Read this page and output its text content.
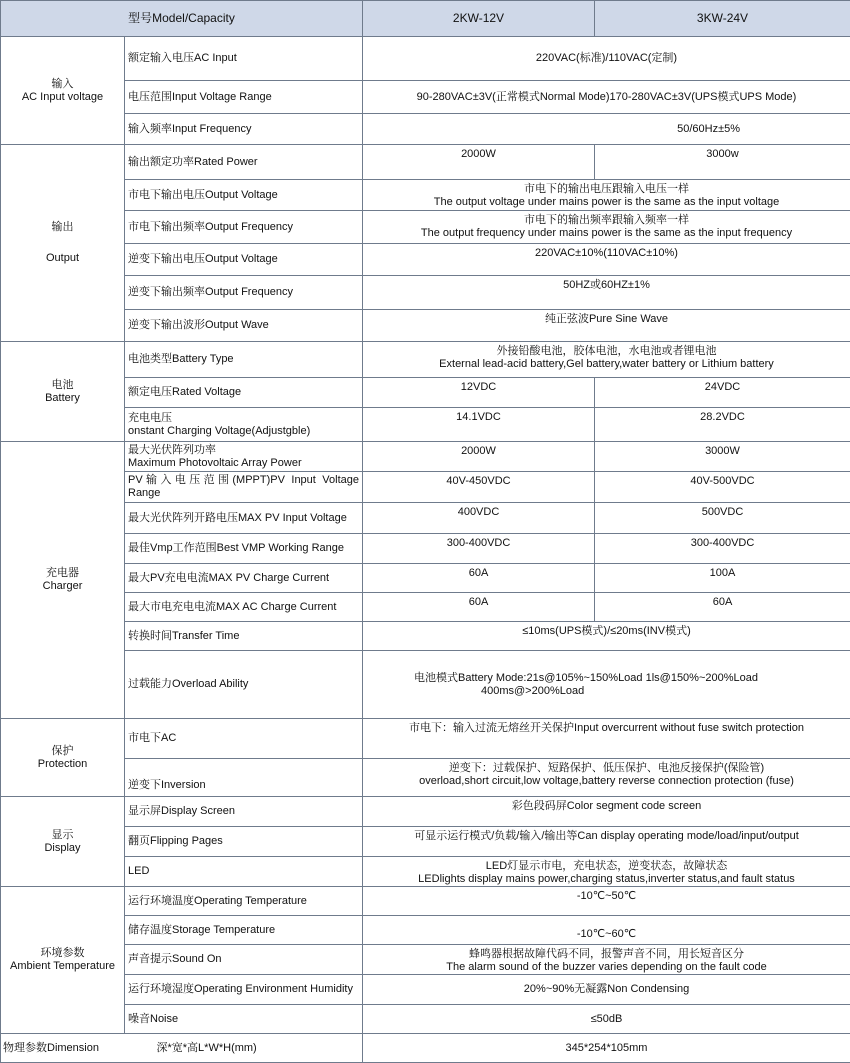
型号Model/Capacity		2KW-12V	3KW-24V

输入
AC Input voltage	额定输入电压AC Input	220VAC(标准)/110VAC(定制)	
	电压范围Input Voltage Range	90-280VAC±3V(正常模式Normal Mode)170-280VAC±3V(UPS模式UPS Mode)	
	输入频率Input Frequency	50/60Hz±5%	

输出
Output	输出额定功率Rated Power	2000W	3000w
	市电下输出电压Output Voltage	市电下的输出电压跟输入电压一样
The output voltage under mains power is the same as the input voltage	

	市电下输出频率Output Frequency	市电下的输出频率跟输入频率一样
The output frequency under mains power is the same as the input frequency	

	逆变下输出电压Output Voltage	220VAC±10%(110VAC±10%)	
	逆变下输出频率Output Frequency	50HZ或60HZ±1%	
	逆变下输出波形Output Wave	纯正弦波Pure Sine Wave	

电池
Battery	电池类型Battery Type	外接铅酸电池，胶体电池，水电池或者锂电池
External lead-acid battery,Gel battery,water battery or Lithium battery	

	额定电压Rated Voltage	12VDC	24VDC

	充电电压
onstant Charging Voltage(Adjustgble)	14.1VDC	28.2VDC

充电器
Charger	最大光伏阵列功率
Maximum Photovoltaic Array Power	2000W	3000W

	PV输入电压范围(MPPT)PV Input Voltage Range	40V-450VDC	40V-500VDC
	最大光伏阵列开路电压MAX PV Input Voltage	400VDC	500VDC
	最佳Vmp工作范围Best VMP Working Range	300-400VDC	300-400VDC
	最大PV充电电流MAX PV Charge Current	60A	100A
	最大市电充电电流MAX AC Charge Current	60A	60A
	转换时间Transfer Time	≤10ms(UPS模式)/≤20ms(INV模式)	
	过载能力Overload Ability	电池模式Battery Mode:21s@105%~150%Load 1ls@150%~200%Load
400ms@>200%Load	

保护
Protection	市电下AC	市电下：输入过流无熔丝开关保护Input overcurrent without fuse switch protection	
	逆变下Inversion	逆变下：过载保护、短路保护、低压保护、电池反接保护(保险管)
overload,short circuit,low voltage,battery reverse connection protection (fuse)	

显示
Display	显示屏Display Screen	彩色段码屏Color segment code screen	
	翻页Flipping Pages	可显示运行模式/负载/输入/输出等Can display operating mode/load/input/output	
	LED	LED灯显示市电，充电状态，逆变状态，故障状态
LEDlights display mains power,charging status,inverter status,and fault status	

环境参数
Ambient Temperature	运行环境温度Operating Temperature	-10℃~50℃	
	储存温度Storage Temperature	-10℃~60℃	
	声音提示Sound On	蜂鸣器根据故障代码不同，报警声音不同，用长短音区分
The alarm sound of the buzzer varies depending on the fault code	

	运行环境湿度Operating Environment Humidity	20%~90%无凝露Non Condensing	
	噪音Noise	≤50dB	
物理参数Dimension	深*宽*高L*W*H(mm)	345*254*105mm	
